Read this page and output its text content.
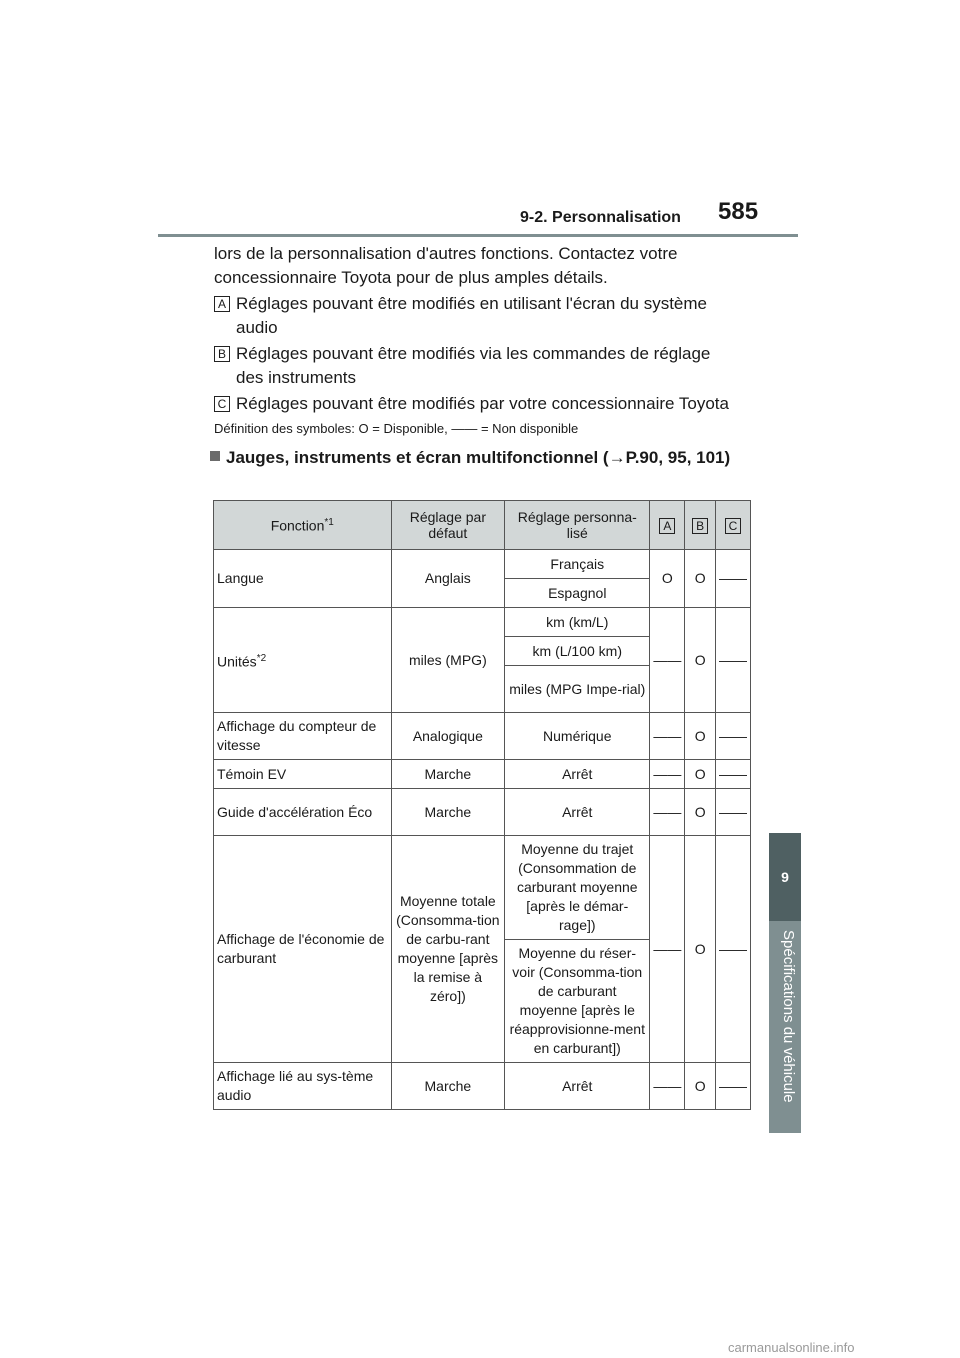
9-2. Personnalisation 585
9
Spécifications du véhicule
lors de la personnalisation d'autres fonctions. Contactez votre concessionnaire Toyota pour de plus amples détails.
A Réglages pouvant être modifiés en utilisant l'écran du système audio
B Réglages pouvant être modifiés via les commandes de réglage des instruments
C Réglages pouvant être modifiés par votre concessionnaire Toyota
Définition des symboles: O = Disponible, —— = Non disponible
Jauges, instruments et écran multifonctionnel (→P.90, 95, 101)
Fonction$^{*1}$	Réglage par défaut	Réglage personna-lisé	A	B	C
Langue	Anglais	Français	O	O	——
		Espagnol			
Unités$^{*2}$	miles (MPG)	km (km/L)	——	O	——
		km (L/100 km)			
		miles (MPG Impe-rial)			
Affichage du compteur de vitesse	Analogique	Numérique	——	O	——
Témoin EV	Marche	Arrêt	——	O	——
Guide d'accélération Éco	Marche	Arrêt	——	O	——
Affichage de l'économie de carburant	Moyenne totale (Consomma-tion de carbu-rant moyenne [après la remise à zéro])	Moyenne du trajet (Consommation de carburant moyenne [après le démar-rage])	——	O	——
		Moyenne du réser-voir (Consomma-tion de carburant moyenne [après le réapprovisionne-ment en carburant])			
Affichage lié au sys-tème audio	Marche	Arrêt	——	O	——
carmanualsonline.info
